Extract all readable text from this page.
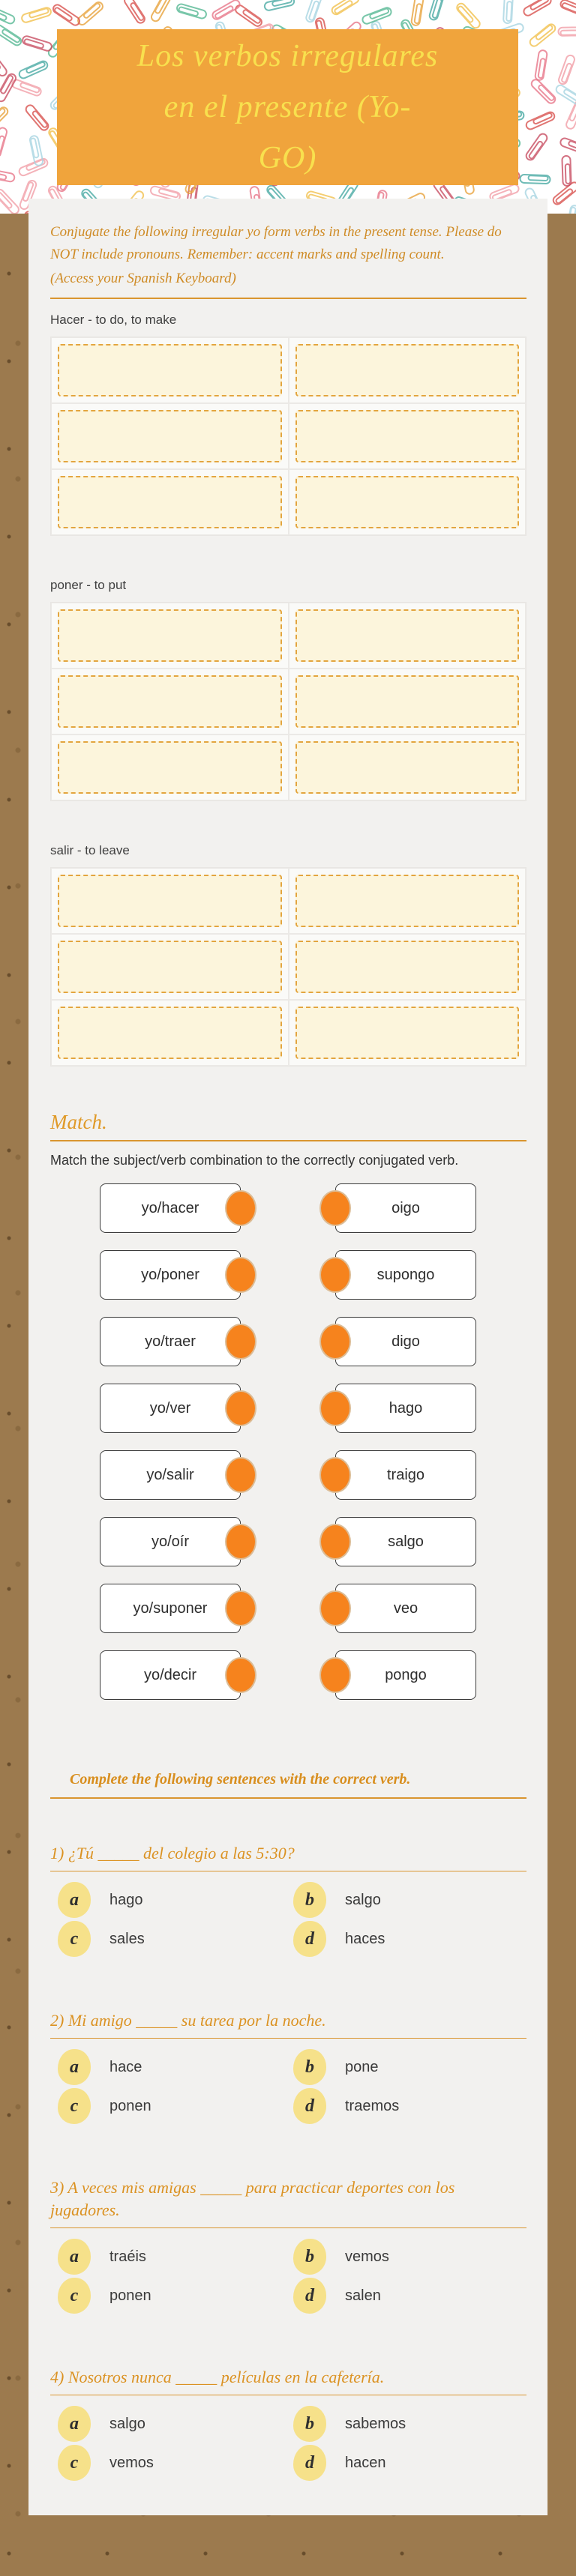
Los verbos irregulares
en el presente (Yo-
GO)

Conjugate the following irregular yo form verbs in the present tense. Please do NOT include pronouns. Remember: accent marks and spelling count.

(Access your Spanish Keyboard)

Hacer - to do, to make
poner - to put
salir - to leave
Match.

Match the subject/verb combination to the correctly conjugated verb.

yo/hacer	oigo
yo/poner	supongo
yo/traer	digo
yo/ver	hago
yo/salir	traigo
yo/oír	salgo
yo/suponer	veo
yo/decir	pongo
Complete the following sentences with the correct verb.

1) ¿Tú _____ del colegio a las 5:30?

a	hago	b	salgo
c	sales	d	haces

2) Mi amigo _____ su tarea por la noche.

a	hace	b	pone
c	ponen	d	traemos

3) A veces mis amigas _____ para practicar deportes con los jugadores.

a	traéis	b	vemos
c	ponen	d	salen

4) Nosotros nunca _____ películas en la cafetería.

a	salgo	b	sabemos
c	vemos	d	hacen
